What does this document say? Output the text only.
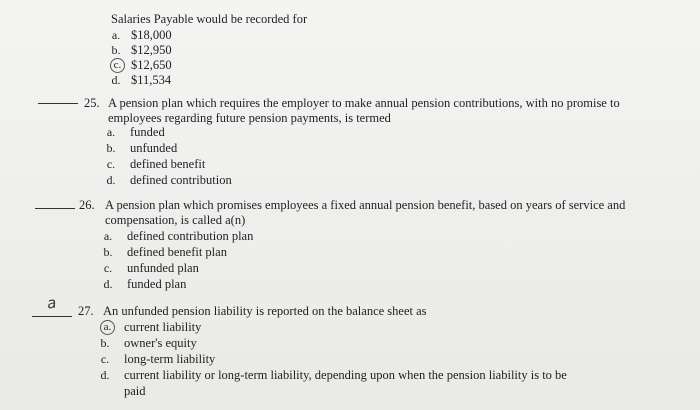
Salaries Payable would be recorded for
a. $18,000
b. $12,950
c. $12,650
d. $11,534
25. A pension plan which requires the employer to make annual pension contributions, with no promise to
employees regarding future pension payments, is termed
a. funded
b. unfunded
c. defined benefit
d. defined contribution
26. A pension plan which promises employees a fixed annual pension benefit, based on years of service and
compensation, is called a(n)
a. defined contribution plan
b. defined benefit plan
c. unfunded plan
d. funded plan
a 27. An unfunded pension liability is reported on the balance sheet as
a. current liability
b. owner's equity
c. long-term liability
d. current liability or long-term liability, depending upon when the pension liability is to be
paid
